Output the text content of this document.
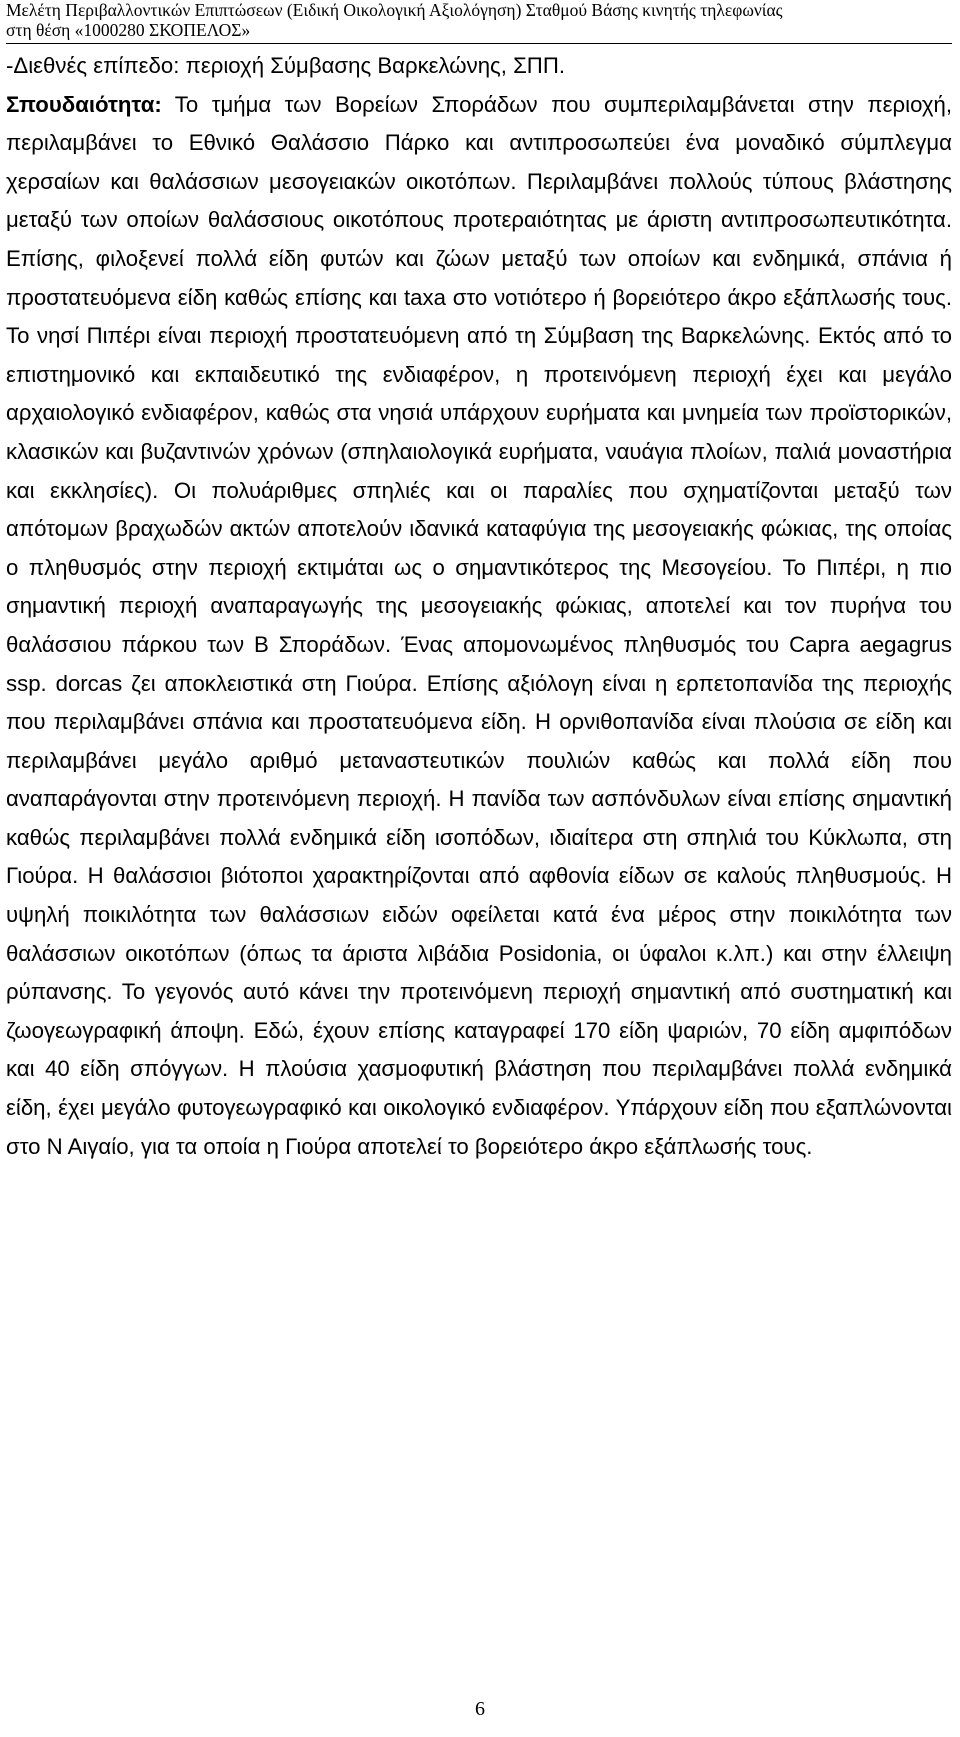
Μελέτη Περιβαλλοντικών Επιπτώσεων (Ειδική Οικολογική Αξιολόγηση) Σταθμού Βάσης κινητής τηλεφωνίας
στη θέση «1000280 ΣΚΟΠΕΛΟΣ»

-Διεθνές επίπεδο: περιοχή Σύμβασης Βαρκελώνης, ΣΠΠ.

Σπουδαιότητα: Το τμήμα των Βορείων Σποράδων που συμπεριλαμβάνεται στην περιοχή, περιλαμβάνει το Εθνικό Θαλάσσιο Πάρκο και αντιπροσωπεύει ένα μοναδικό σύμπλεγμα χερσαίων και θαλάσσιων μεσογειακών οικοτόπων. Περιλαμβάνει πολλούς τύπους βλάστησης μεταξύ των οποίων θαλάσσιους οικοτόπους προτεραιότητας με άριστη αντιπροσωπευτικότητα. Επίσης, φιλοξενεί πολλά είδη φυτών και ζώων μεταξύ των οποίων και ενδημικά, σπάνια ή προστατευόμενα είδη καθώς επίσης και taxa στο νοτιότερο ή βορειότερο άκρο εξάπλωσής τους. Το νησί Πιπέρι είναι περιοχή προστατευόμενη από τη Σύμβαση της Βαρκελώνης. Εκτός από το επιστημονικό και εκπαιδευτικό της ενδιαφέρον, η προτεινόμενη περιοχή έχει και μεγάλο αρχαιολογικό ενδιαφέρον, καθώς στα νησιά υπάρχουν ευρήματα και μνημεία των προϊστορικών, κλασικών και βυζαντινών χρόνων (σπηλαιολογικά ευρήματα, ναυάγια πλοίων, παλιά μοναστήρια και εκκλησίες). Οι πολυάριθμες σπηλιές και οι παραλίες που σχηματίζονται μεταξύ των απότομων βραχωδών ακτών αποτελούν ιδανικά καταφύγια της μεσογειακής φώκιας, της οποίας ο πληθυσμός στην περιοχή εκτιμάται ως ο σημαντικότερος της Μεσογείου. Το Πιπέρι, η πιο σημαντική περιοχή αναπαραγωγής της μεσογειακής φώκιας, αποτελεί και τον πυρήνα του θαλάσσιου πάρκου των Β Σποράδων. Ένας απομονωμένος πληθυσμός του Capra aegagrus ssp. dorcas ζει αποκλειστικά στη Γιούρα. Επίσης αξιόλογη είναι η ερπετοπανίδα της περιοχής που περιλαμβάνει σπάνια και προστατευόμενα είδη. Η ορνιθοπανίδα είναι πλούσια σε είδη και περιλαμβάνει μεγάλο αριθμό μεταναστευτικών πουλιών καθώς και πολλά είδη που αναπαράγονται στην προτεινόμενη περιοχή. Η πανίδα των ασπόνδυλων είναι επίσης σημαντική καθώς περιλαμβάνει πολλά ενδημικά είδη ισοπόδων, ιδιαίτερα στη σπηλιά του Κύκλωπα, στη Γιούρα. Η θαλάσσιοι βιότοποι χαρακτηρίζονται από αφθονία είδων σε καλούς πληθυσμούς. Η υψηλή ποικιλότητα των θαλάσσιων ειδών οφείλεται κατά ένα μέρος στην ποικιλότητα των θαλάσσιων οικοτόπων (όπως τα άριστα λιβάδια Posidonia, οι ύφαλοι κ.λπ.) και στην έλλειψη ρύπανσης. Το γεγονός αυτό κάνει την προτεινόμενη περιοχή σημαντική από συστηματική και ζωογεωγραφική άποψη. Εδώ, έχουν επίσης καταγραφεί 170 είδη ψαριών, 70 είδη αμφιπόδων και 40 είδη σπόγγων. Η πλούσια χασμοφυτική βλάστηση που περιλαμβάνει πολλά ενδημικά είδη, έχει μεγάλο φυτογεωγραφικό και οικολογικό ενδιαφέρον. Υπάρχουν είδη που εξαπλώνονται στο Ν Αιγαίο, για τα οποία η Γιούρα αποτελεί το βορειότερο άκρο εξάπλωσής τους.

6
